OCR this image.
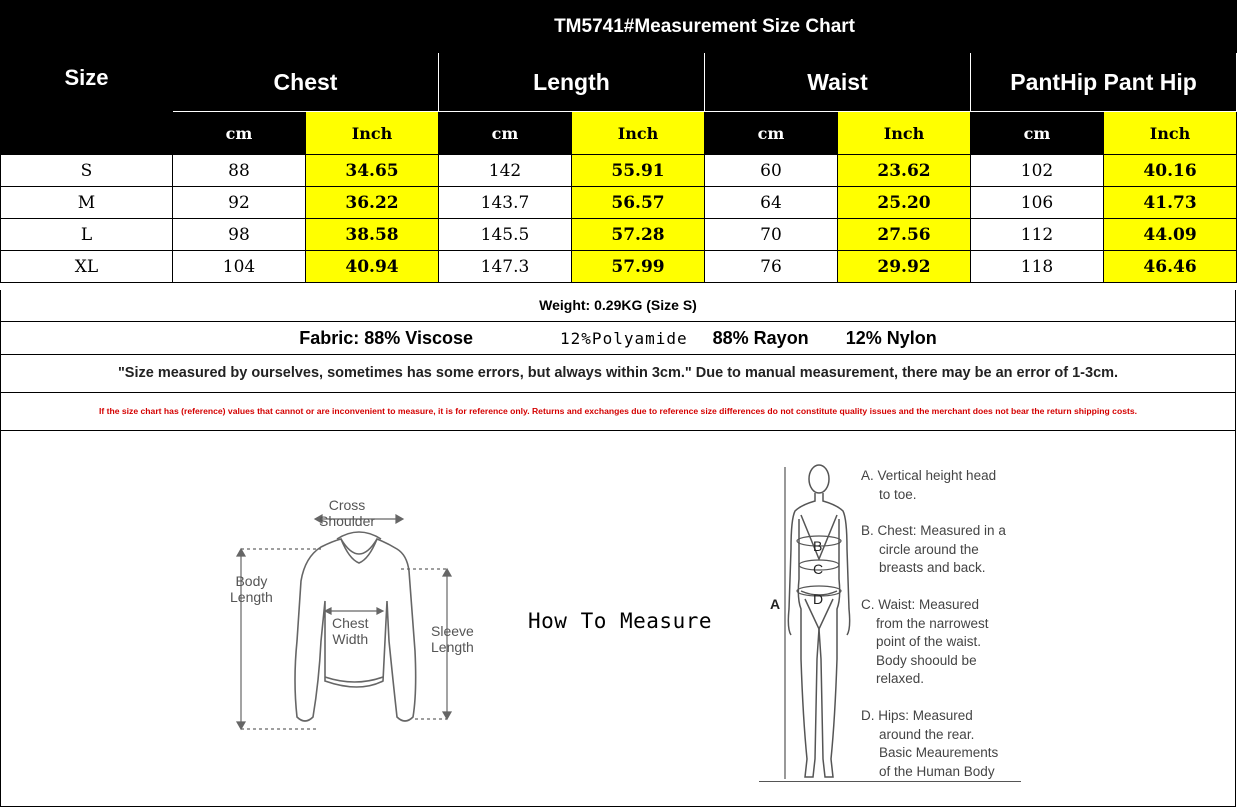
Size	TM5741#Measurement Size Chart							
	Chest		Length		Waist		PantHip Pant Hip	
	cm	Inch	cm	Inch	cm	Inch	cm	Inch
S	88	34.65	142	55.91	60	23.62	102	40.16
M	92	36.22	143.7	56.57	64	25.20	106	41.73
L	98	38.58	145.5	57.28	70	27.56	112	44.09
XL	104	40.94	147.3	57.99	76	29.92	118	46.46
Weight: 0.29KG (Size S)
Fabric: 88% Viscose	12%Polyamide 88% Rayon 12% Nylon
"Size measured by ourselves, sometimes has some errors, but always within 3cm." Due to manual measurement, there may be an error of 1-3cm.
If the size chart has (reference) values that cannot or are inconvenient to measure, it is for reference only. Returns and exchanges due to reference size differences do not constitute quality issues and the merchant does not bear the return shipping costs.
Cross
Shoulder
Body
Length
Chest
Width	Sleeve
Length
How To Measure
A
B
C
D
A. Vertical height head
to toe.
B. Chest: Measured in a
circle around the
breasts and back.
C. Waist: Measured
from the narrowest
point of the waist.
Body shoould be
relaxed.
D. Hips: Measured
around the rear.
Basic Meaurements
of the Human Body
